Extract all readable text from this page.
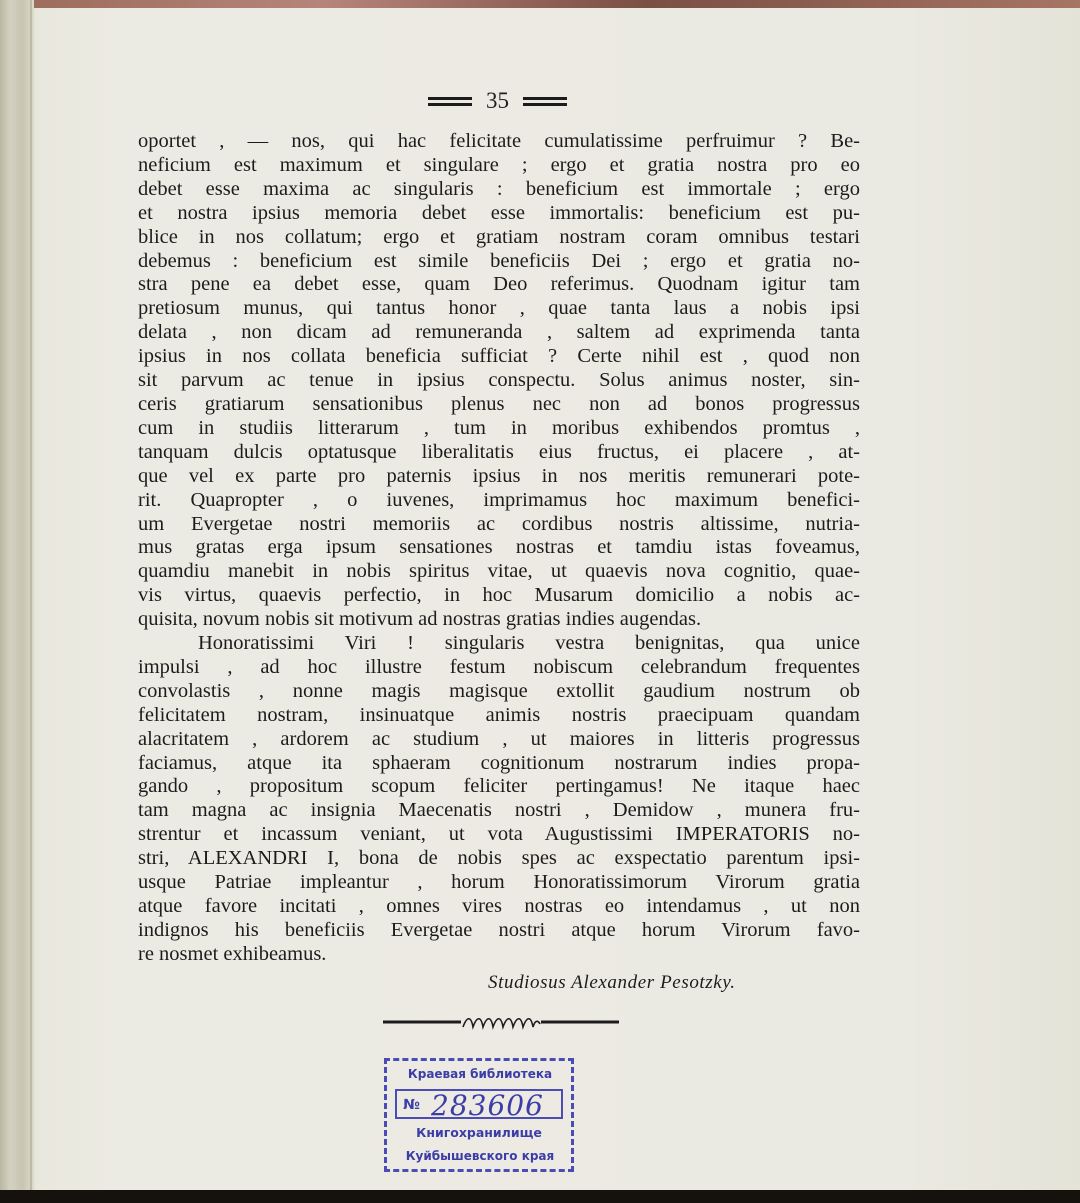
35
oportet , — nos, qui hac felicitate cumulatissime perfruimur ? Be-
neficium est maximum et singulare ; ergo et gratia nostra pro eo
debet esse maxima ac singularis : beneficium est immortale ; ergo
et nostra ipsius memoria debet esse immortalis: beneficium est pu-
blice in nos collatum; ergo et gratiam nostram coram omnibus testari
debemus : beneficium est simile beneficiis Dei ; ergo et gratia no-
stra pene ea debet esse, quam Deo referimus. Quodnam igitur tam
pretiosum munus, qui tantus honor , quae tanta laus a nobis ipsi
delata , non dicam ad remuneranda , saltem ad exprimenda tanta
ipsius in nos collata beneficia sufficiat ? Certe nihil est , quod non
sit parvum ac tenue in ipsius conspectu. Solus animus noster, sin-
ceris gratiarum sensationibus plenus nec non ad bonos progressus
cum in studiis litterarum , tum in moribus exhibendos promtus ,
tanquam dulcis optatusque liberalitatis eius fructus, ei placere , at-
que vel ex parte pro paternis ipsius in nos meritis remunerari pote-
rit. Quapropter , o iuvenes, imprimamus hoc maximum benefici-
um Evergetae nostri memoriis ac cordibus nostris altissime, nutria-
mus gratas erga ipsum sensationes nostras et tamdiu istas foveamus,
quamdiu manebit in nobis spiritus vitae, ut quaevis nova cognitio, quae-
vis virtus, quaevis perfectio, in hoc Musarum domicilio a nobis ac-
quisita, novum nobis sit motivum ad nostras gratias indies augendas.
Honoratissimi Viri ! singularis vestra benignitas, qua unice
impulsi , ad hoc illustre festum nobiscum celebrandum frequentes
convolastis , nonne magis magisque extollit gaudium nostrum ob
felicitatem nostram, insinuatque animis nostris praecipuam quandam
alacritatem , ardorem ac studium , ut maiores in litteris progressus
faciamus, atque ita sphaeram cognitionum nostrarum indies propa-
gando , propositum scopum feliciter pertingamus! Ne itaque haec
tam magna ac insignia Maecenatis nostri , Demidow , munera fru-
strentur et incassum veniant, ut vota Augustissimi IMPERATORIS no-
stri, ALEXANDRI I, bona de nobis spes ac exspectatio parentum ipsi-
usque Patriae impleantur , horum Honoratissimorum Virorum gratia
atque favore incitati , omnes vires nostras eo intendamus , ut non
indignos his beneficiis Evergetae nostri atque horum Virorum favo-
re nosmet exhibeamus.
Studiosus Alexander Pesotzky.
Краевая библиотека
№ 283606
Книгохранилище
Куйбышевского края
